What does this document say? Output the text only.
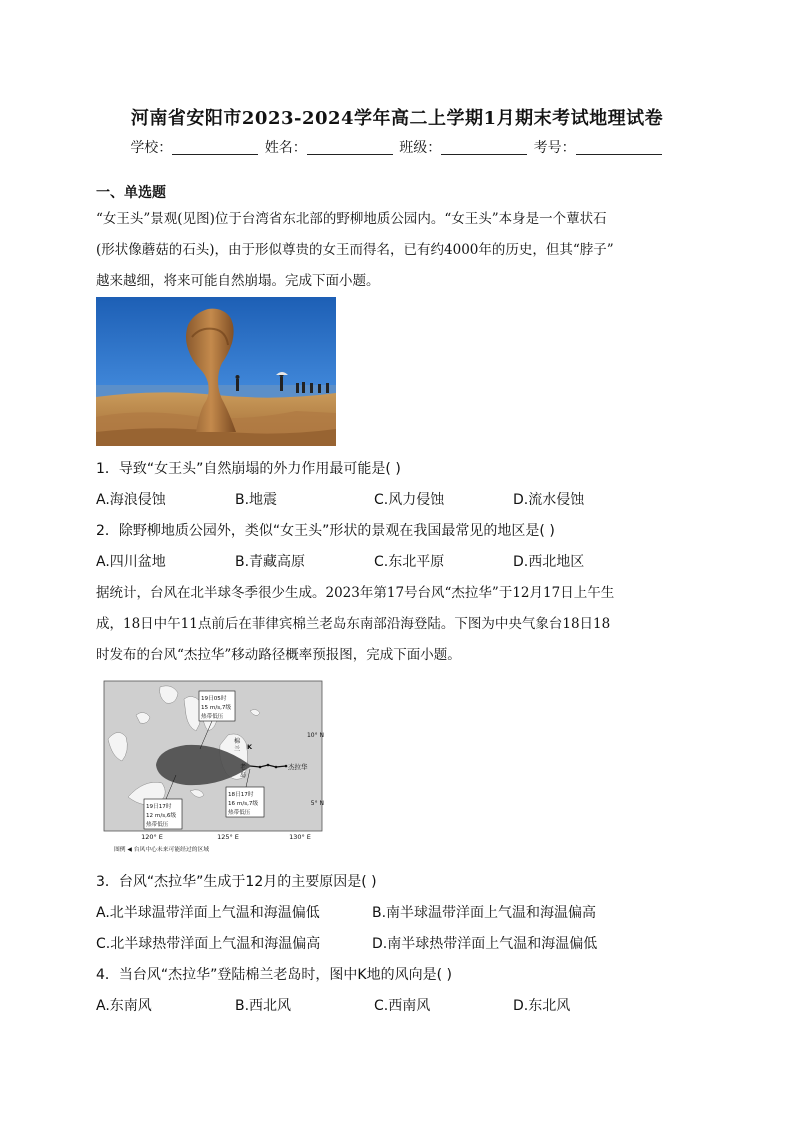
河南省安阳市2023-2024学年高二上学期1月期末考试地理试卷
学校：	姓名：	班级：	考号：
一、单选题
“女王头”景观(见图)位于台湾省东北部的野柳地质公园内。“女王头”本身是一个蕈状石
(形状像蘑菇的石头)，由于形似尊贵的女王而得名，已有约4000年的历史，但其“脖子”
越来越细，将来可能自然崩塌。完成下面小题。
1．导致“女王头”自然崩塌的外力作用最可能是( )
A.海浪侵蚀	B.地震	C.风力侵蚀	D.流水侵蚀
2．除野柳地质公园外，类似“女王头”形状的景观在我国最常见的地区是( )
A.四川盆地	B.青藏高原	C.东北平原	D.西北地区
据统计，台风在北半球冬季很少生成。2023年第17号台风“杰拉华”于12月17日上午生
成，18日中午11点前后在菲律宾棉兰老岛东南部沿海登陆。下图为中央气象台18日18
时发布的台风“杰拉华”移动路径概率预报图，完成下面小题。
杰拉华
棉
兰
老
岛
K
19日05时
15 m/s,7级
热带低压
19日17时
12 m/s,6级
热带低压
18日17时
16 m/s,7级
热带低压
10° N
5° N
120° E	125° E	130° E
图例 ◀ 台风中心未来可能经过的区域
3．台风“杰拉华”生成于12月的主要原因是( )
A.北半球温带洋面上气温和海温偏低	B.南半球温带洋面上气温和海温偏高
C.北半球热带洋面上气温和海温偏高	D.南半球热带洋面上气温和海温偏低
4．当台风“杰拉华”登陆棉兰老岛时，图中K地的风向是( )
A.东南风	B.西北风	C.西南风	D.东北风
